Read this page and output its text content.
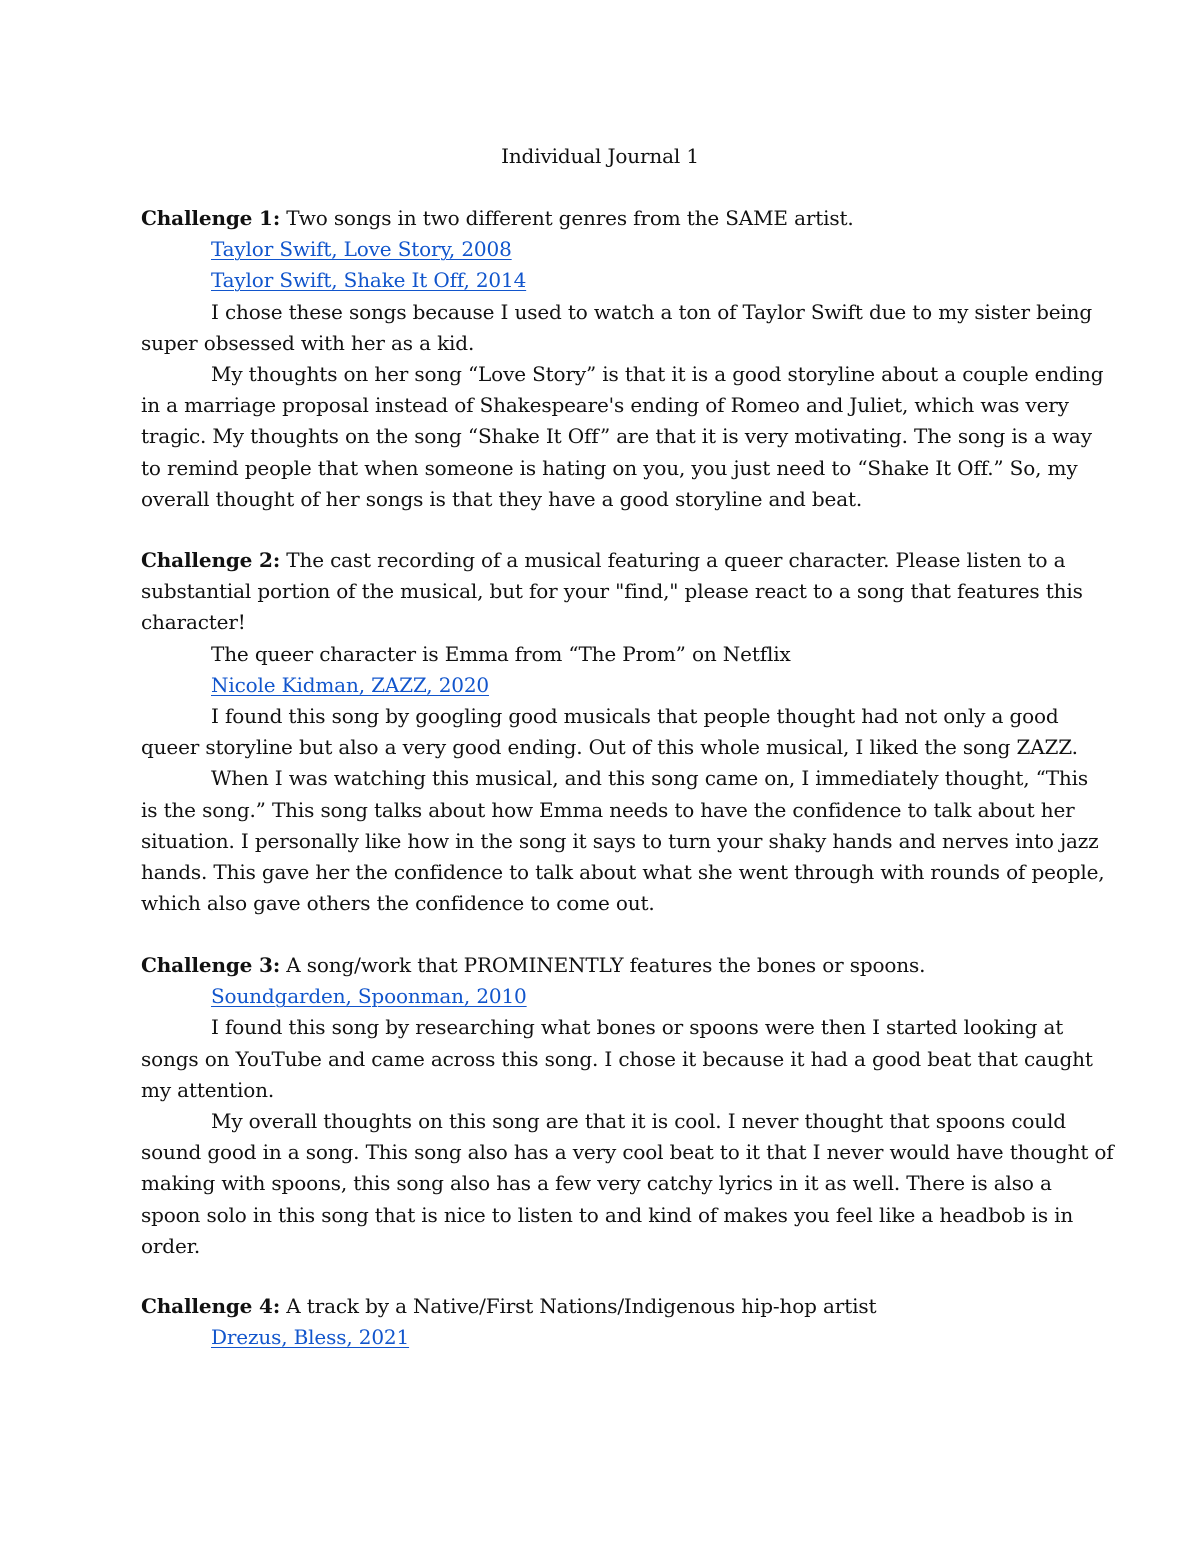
Individual Journal 1
Challenge 1: Two songs in two different genres from the SAME artist.
Taylor Swift, Love Story, 2008
Taylor Swift, Shake It Off, 2014
I chose these songs because I used to watch a ton of Taylor Swift due to my sister being
super obsessed with her as a kid.
My thoughts on her song “Love Story” is that it is a good storyline about a couple ending
in a marriage proposal instead of Shakespeare's ending of Romeo and Juliet, which was very
tragic. My thoughts on the song “Shake It Off” are that it is very motivating. The song is a way
to remind people that when someone is hating on you, you just need to “Shake It Off.” So, my
overall thought of her songs is that they have a good storyline and beat.
Challenge 2: The cast recording of a musical featuring a queer character. Please listen to a
substantial portion of the musical, but for your "find," please react to a song that features this
character!
The queer character is Emma from “The Prom” on Netflix
Nicole Kidman, ZAZZ, 2020
I found this song by googling good musicals that people thought had not only a good
queer storyline but also a very good ending. Out of this whole musical, I liked the song ZAZZ.
When I was watching this musical, and this song came on, I immediately thought, “This
is the song.” This song talks about how Emma needs to have the confidence to talk about her
situation. I personally like how in the song it says to turn your shaky hands and nerves into jazz
hands. This gave her the confidence to talk about what she went through with rounds of people,
which also gave others the confidence to come out.
Challenge 3: A song/work that PROMINENTLY features the bones or spoons.
Soundgarden, Spoonman, 2010
I found this song by researching what bones or spoons were then I started looking at
songs on YouTube and came across this song. I chose it because it had a good beat that caught
my attention.
My overall thoughts on this song are that it is cool. I never thought that spoons could
sound good in a song. This song also has a very cool beat to it that I never would have thought of
making with spoons, this song also has a few very catchy lyrics in it as well. There is also a
spoon solo in this song that is nice to listen to and kind of makes you feel like a headbob is in
order.
Challenge 4: A track by a Native/First Nations/Indigenous hip-hop artist
Drezus, Bless, 2021
